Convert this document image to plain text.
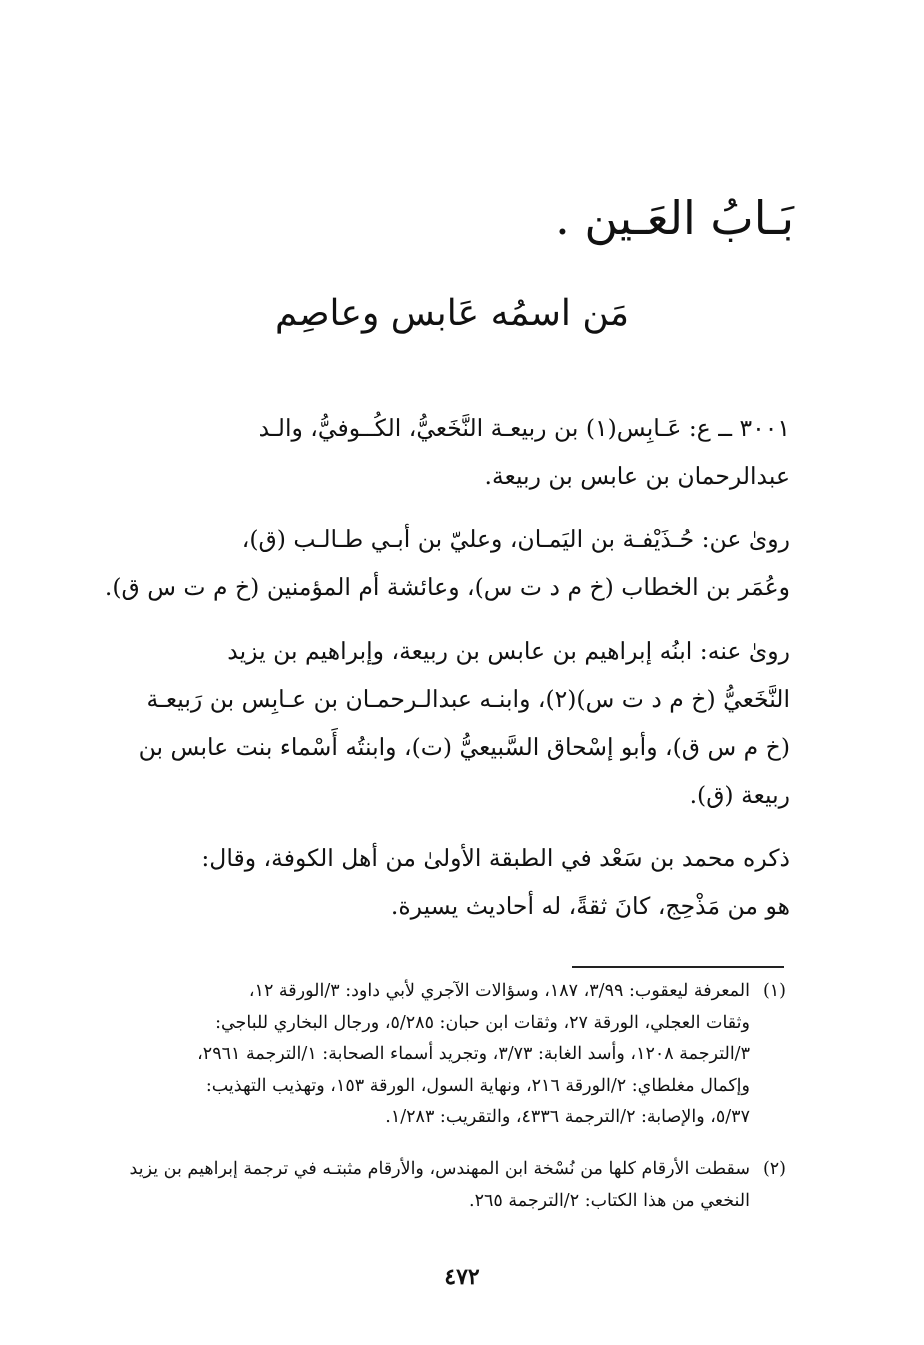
بَـابُ العَـين .
مَن اسمُه عَابس وعاصِم
٣٠٠١ ــ ع: عَـابِس(١) بن ربيعـة النَّخَعيُّ، الكُــوفيُّ، والـد
عبدالرحمان بن عابس بن ربيعة.
روىٰ عن: حُـذَيْفـة بن اليَمـان، وعليّ بن أبـي طـالـب (ق)،
وعُمَر بن الخطاب (خ م د ت س)، وعائشة أم المؤمنين (خ م ت س ق).
روىٰ عنه: ابنُه إبراهيم بن عابس بن ربيعة، وإبراهيم بن يزيد
النَّخَعيُّ (خ م د ت س)(٢)، وابنـه عبدالـرحمـان بن عـابِس بن رَبيعـة
(خ م س ق)، وأبو إسْحاق السَّبيعيُّ (ت)، وابنتُه أَسْماء بنت عابس بن
ربيعة (ق).
ذكره محمد بن سَعْد في الطبقة الأولىٰ من أهل الكوفة، وقال:
هو من مَذْحِج، كانَ ثقةً، له أحاديث يسيرة.
(١)المعرفة ليعقوب: ٣/٩٩، ١٨٧، وسؤالات الآجري لأبي داود: ٣/الورقة ١٢،
وثقات العجلي، الورقة ٢٧، وثقات ابن حبان: ٥/٢٨٥، ورجال البخاري للباجي:
٣/الترجمة ١٢٠٨، وأسد الغابة: ٣/٧٣، وتجريد أسماء الصحابة: ١/الترجمة ٢٩٦١،
وإكمال مغلطاي: ٢/الورقة ٢١٦، ونهاية السول، الورقة ١٥٣، وتهذيب التهذيب:
٥/٣٧، والإصابة: ٢/الترجمة ٤٣٣٦، والتقريب: ١/٢٨٣.
(٢)سقطت الأرقام كلها من نُسْخة ابن المهندس، والأرقام مثبتـه في ترجمة إبراهيم بن يزيد
النخعي من هذا الكتاب: ٢/الترجمة ٢٦٥.
٤٧٢
